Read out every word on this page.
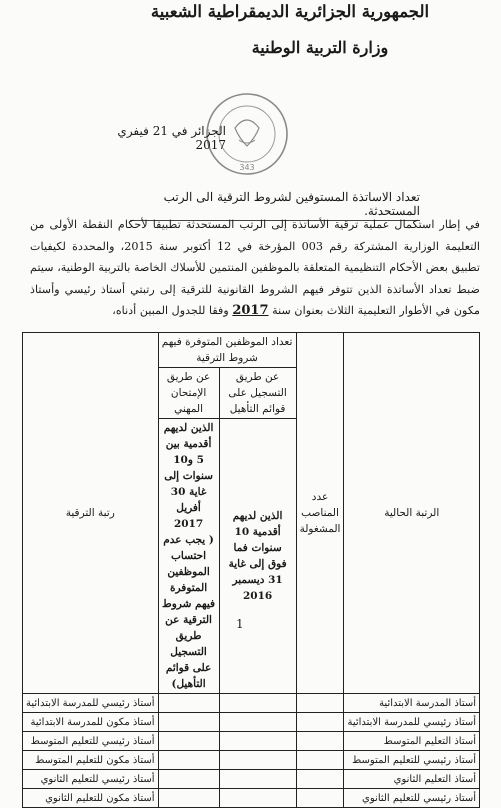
الجمهورية الجزائرية الديمقراطية الشعبية
وزارة التربية الوطنية
343
الجزائر في 21 فيفري 2017
تعداد الاساتذة المستوفين لشروط الترقية الى الرتب المستحدثة.
في إطار استكمال عملية ترقية الأساتذة إلى الرتب المستحدثة تطبيقا لأحكام النقطة الأولى من التعليمة الوزارية المشتركة رقم 003 المؤرخة في 12 أكتوبر سنة 2015، والمحددة لكيفيات تطبيق بعض الأحكام التنظيمية المتعلقة بالموظفين المنتمين للأسلاك الخاصة بالتربية الوطنية، سيتم ضبط تعداد الأساتذة الذين تتوفر فيهم الشروط القانونية للترقية إلى رتبتي أستاذ رئيسي وأستاذ مكون في الأطوار التعليمية الثلاث بعنوان سنة 2017 وفقا للجدول المبين أدناه،
الرتبة الحالية	عدد المناصب المشغولة	تعداد الموظفين المتوفرة فيهم شروط الترقية		رتبة الترقية
		عن طريق التسجيل على قوائم التأهيل	عن طريق الإمتحان المهني	
		الذين لديهم أقدمية 10 سنوات فما فوق إلى غاية 31 ديسمبر 2016	الذين لديهم أقدمية بين 5 و10 سنوات إلى غاية 30 أفريل 2017
( يجب عدم احتساب الموظفين المتوفرة فيهم شروط الترقية عن طريق التسجيل على قوائم التأهيل)	

أستاذ المدرسة الابتدائية				أستاذ رئيسي للمدرسة الابتدائية
أستاذ رئيسي للمدرسة الابتدائية				أستاذ مكون للمدرسة الابتدائية
أستاذ التعليم المتوسط				أستاذ رئيسي للتعليم المتوسط
أستاذ رئيسي للتعليم المتوسط				أستاذ مكون للتعليم المتوسط
أستاذ التعليم الثانوي				أستاذ رئيسي للتعليم الثانوي
أستاذ رئيسي للتعليم الثانوي				أستاذ مكون للتعليم الثانوي
1
